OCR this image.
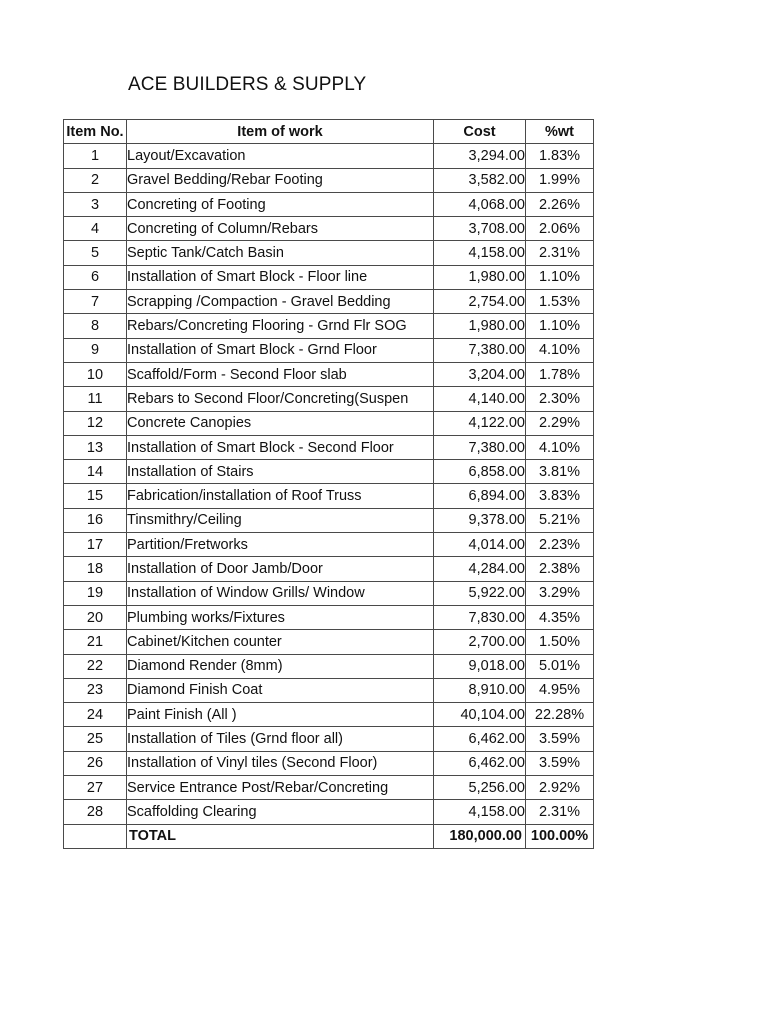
ACE BUILDERS & SUPPLY
Item No.	Item of work	Cost	%wt
1	Layout/Excavation	3,294.00	1.83%
2	Gravel Bedding/Rebar Footing	3,582.00	1.99%
3	Concreting of Footing	4,068.00	2.26%
4	Concreting of Column/Rebars	3,708.00	2.06%
5	Septic Tank/Catch Basin	4,158.00	2.31%
6	Installation of Smart Block - Floor line	1,980.00	1.10%
7	Scrapping /Compaction - Gravel Bedding	2,754.00	1.53%
8	Rebars/Concreting Flooring - Grnd Flr SOG	1,980.00	1.10%
9	Installation of Smart Block - Grnd Floor	7,380.00	4.10%
10	Scaffold/Form - Second Floor slab	3,204.00	1.78%
11	Rebars to Second Floor/Concreting(Suspen	4,140.00	2.30%
12	Concrete Canopies	4,122.00	2.29%
13	Installation of Smart Block - Second Floor	7,380.00	4.10%
14	Installation of Stairs	6,858.00	3.81%
15	Fabrication/installation of Roof Truss	6,894.00	3.83%
16	Tinsmithry/Ceiling	9,378.00	5.21%
17	Partition/Fretworks	4,014.00	2.23%
18	Installation of Door Jamb/Door	4,284.00	2.38%
19	Installation of Window Grills/ Window	5,922.00	3.29%
20	Plumbing works/Fixtures	7,830.00	4.35%
21	Cabinet/Kitchen counter	2,700.00	1.50%
22	Diamond Render (8mm)	9,018.00	5.01%
23	Diamond Finish Coat	8,910.00	4.95%
24	Paint Finish (All )	40,104.00	22.28%
25	Installation of Tiles (Grnd floor all)	6,462.00	3.59%
26	Installation of Vinyl tiles (Second Floor)	6,462.00	3.59%
27	Service Entrance Post/Rebar/Concreting	5,256.00	2.92%
28	Scaffolding Clearing	4,158.00	2.31%
	TOTAL	180,000.00	100.00%
